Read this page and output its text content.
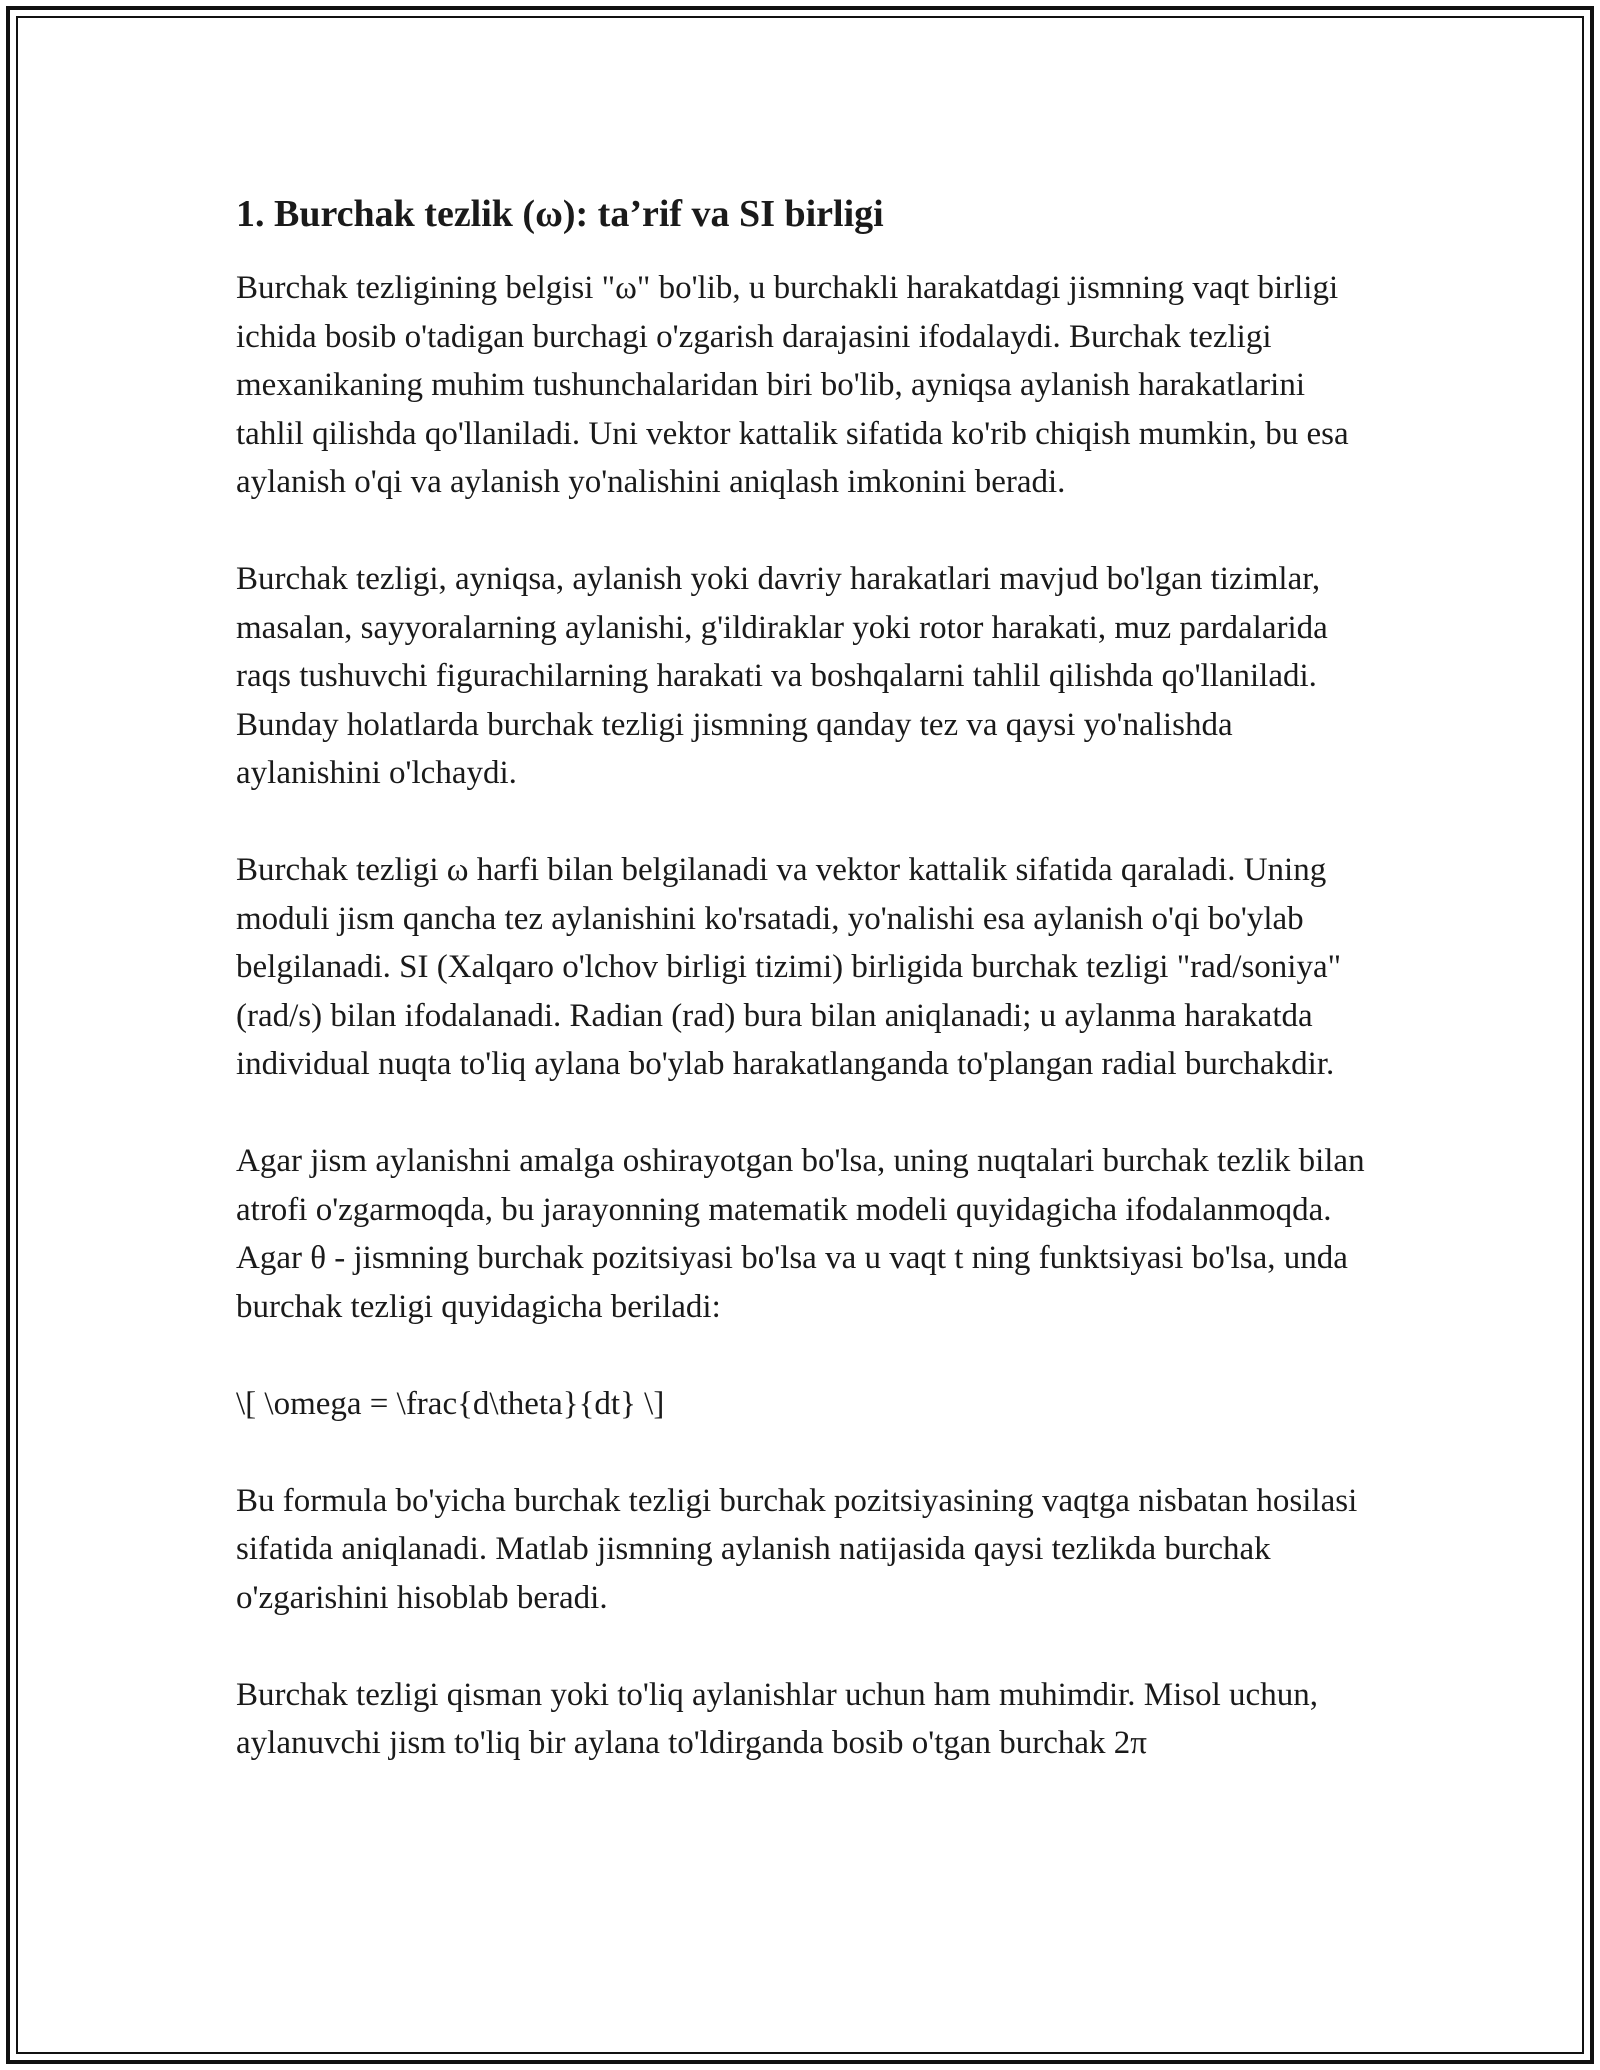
1. Burchak tezlik (ω): ta’rif va SI birligi

Burchak tezligining belgisi "ω" bo'lib, u burchakli harakatdagi jismning vaqt birligi ichida bosib o'tadigan burchagi o'zgarish darajasini ifodalaydi. Burchak tezligi mexanikaning muhim tushunchalaridan biri bo'lib, ayniqsa aylanish harakatlarini tahlil qilishda qo'llaniladi. Uni vektor kattalik sifatida ko'rib chiqish mumkin, bu esa aylanish o'qi va aylanish yo'nalishini aniqlash imkonini beradi.

Burchak tezligi, ayniqsa, aylanish yoki davriy harakatlari mavjud bo'lgan tizimlar, masalan, sayyoralarning aylanishi, g'ildiraklar yoki rotor harakati, muz pardalarida raqs tushuvchi figurachilarning harakati va boshqalarni tahlil qilishda qo'llaniladi. Bunday holatlarda burchak tezligi jismning qanday tez va qaysi yo'nalishda aylanishini o'lchaydi.

Burchak tezligi ω harfi bilan belgilanadi va vektor kattalik sifatida qaraladi. Uning moduli jism qancha tez aylanishini ko'rsatadi, yo'nalishi esa aylanish o'qi bo'ylab belgilanadi. SI (Xalqaro o'lchov birligi tizimi) birligida burchak tezligi "rad/soniya" (rad/s) bilan ifodalanadi. Radian (rad) bura bilan aniqlanadi; u aylanma harakatda individual nuqta to'liq aylana bo'ylab harakatlanganda to'plangan radial burchakdir.

Agar jism aylanishni amalga oshirayotgan bo'lsa, uning nuqtalari burchak tezlik bilan atrofi o'zgarmoqda, bu jarayonning matematik modeli quyidagicha ifodalanmoqda. Agar θ - jismning burchak pozitsiyasi bo'lsa va u vaqt t ning funktsiyasi bo'lsa, unda burchak tezligi quyidagicha beriladi:

\[ \omega = \frac{d\theta}{dt} \]

Bu formula bo'yicha burchak tezligi burchak pozitsiyasining vaqtga nisbatan hosilasi sifatida aniqlanadi. Matlab jismning aylanish natijasida qaysi tezlikda burchak o'zgarishini hisoblab beradi.

Burchak tezligi qisman yoki to'liq aylanishlar uchun ham muhimdir. Misol uchun, aylanuvchi jism to'liq bir aylana to'ldirganda bosib o'tgan burchak 2π
